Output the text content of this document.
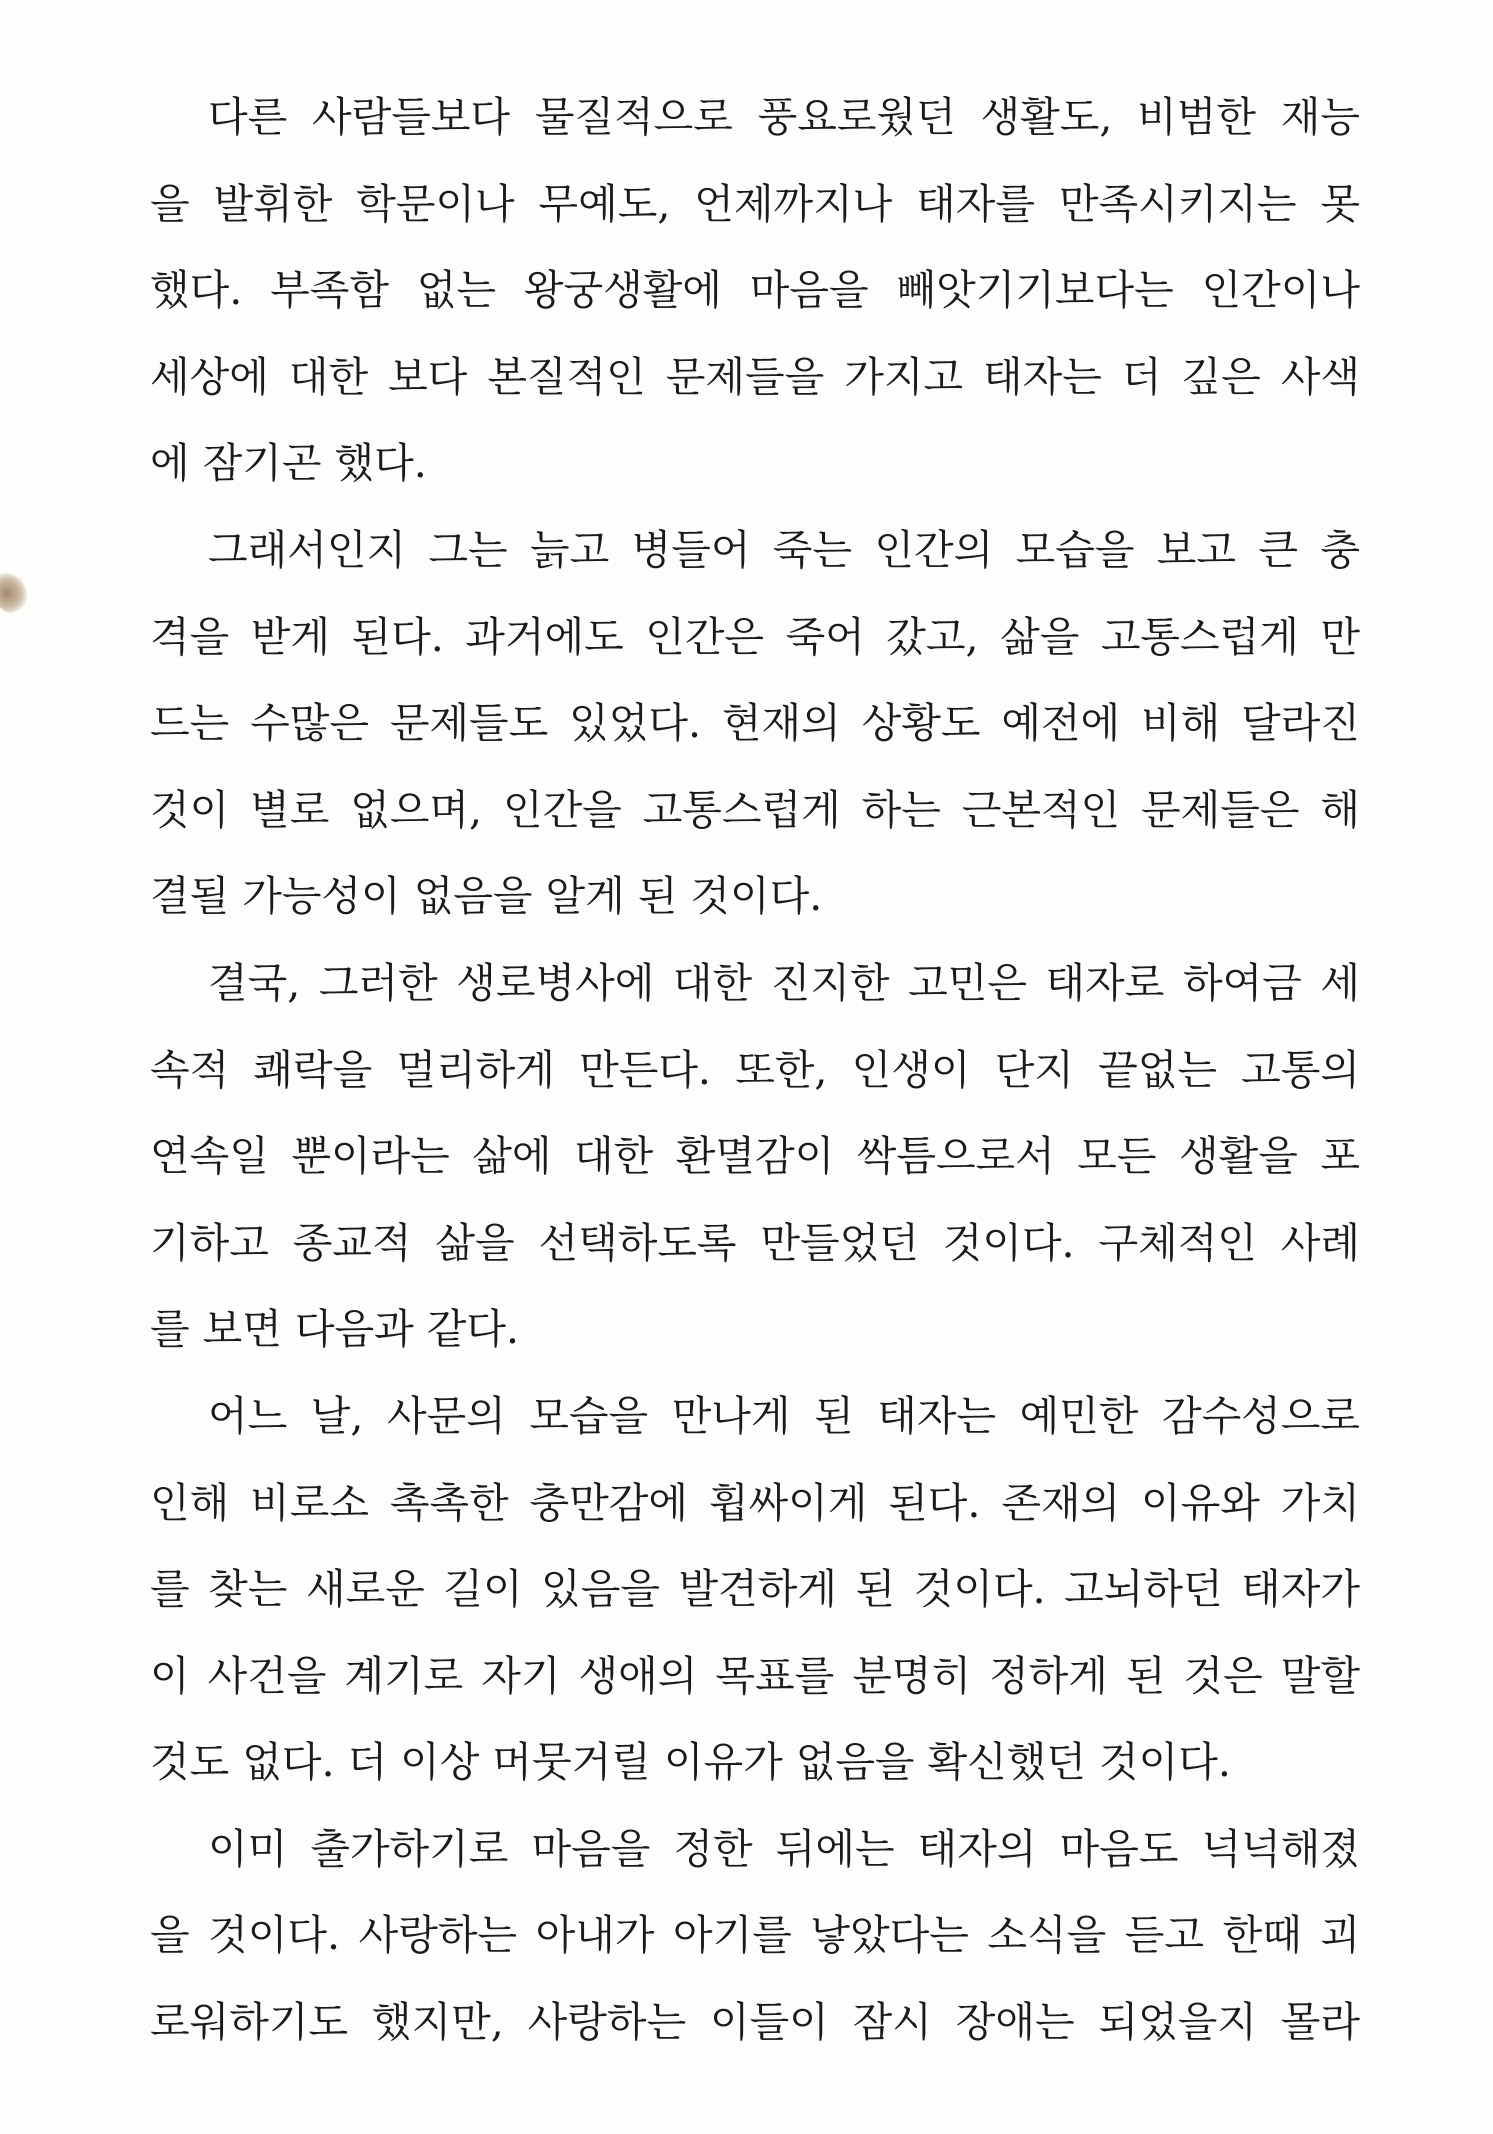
다른 사람들보다 물질적으로 풍요로웠던 생활도, 비범한 재능
을 발휘한 학문이나 무예도, 언제까지나 태자를 만족시키지는 못
했다. 부족함 없는 왕궁생활에 마음을 빼앗기기보다는 인간이나
세상에 대한 보다 본질적인 문제들을 가지고 태자는 더 깊은 사색
에 잠기곤 했다.
그래서인지 그는 늙고 병들어 죽는 인간의 모습을 보고 큰 충
격을 받게 된다. 과거에도 인간은 죽어 갔고, 삶을 고통스럽게 만
드는 수많은 문제들도 있었다. 현재의 상황도 예전에 비해 달라진
것이 별로 없으며, 인간을 고통스럽게 하는 근본적인 문제들은 해
결될 가능성이 없음을 알게 된 것이다.
결국, 그러한 생로병사에 대한 진지한 고민은 태자로 하여금 세
속적 쾌락을 멀리하게 만든다. 또한, 인생이 단지 끝없는 고통의
연속일 뿐이라는 삶에 대한 환멸감이 싹틈으로서 모든 생활을 포
기하고 종교적 삶을 선택하도록 만들었던 것이다. 구체적인 사례
를 보면 다음과 같다.
어느 날, 사문의 모습을 만나게 된 태자는 예민한 감수성으로
인해 비로소 촉촉한 충만감에 휩싸이게 된다. 존재의 이유와 가치
를 찾는 새로운 길이 있음을 발견하게 된 것이다. 고뇌하던 태자가
이 사건을 계기로 자기 생애의 목표를 분명히 정하게 된 것은 말할
것도 없다. 더 이상 머뭇거릴 이유가 없음을 확신했던 것이다.
이미 출가하기로 마음을 정한 뒤에는 태자의 마음도 넉넉해졌
을 것이다. 사랑하는 아내가 아기를 낳았다는 소식을 듣고 한때 괴
로워하기도 했지만, 사랑하는 이들이 잠시 장애는 되었을지 몰라
